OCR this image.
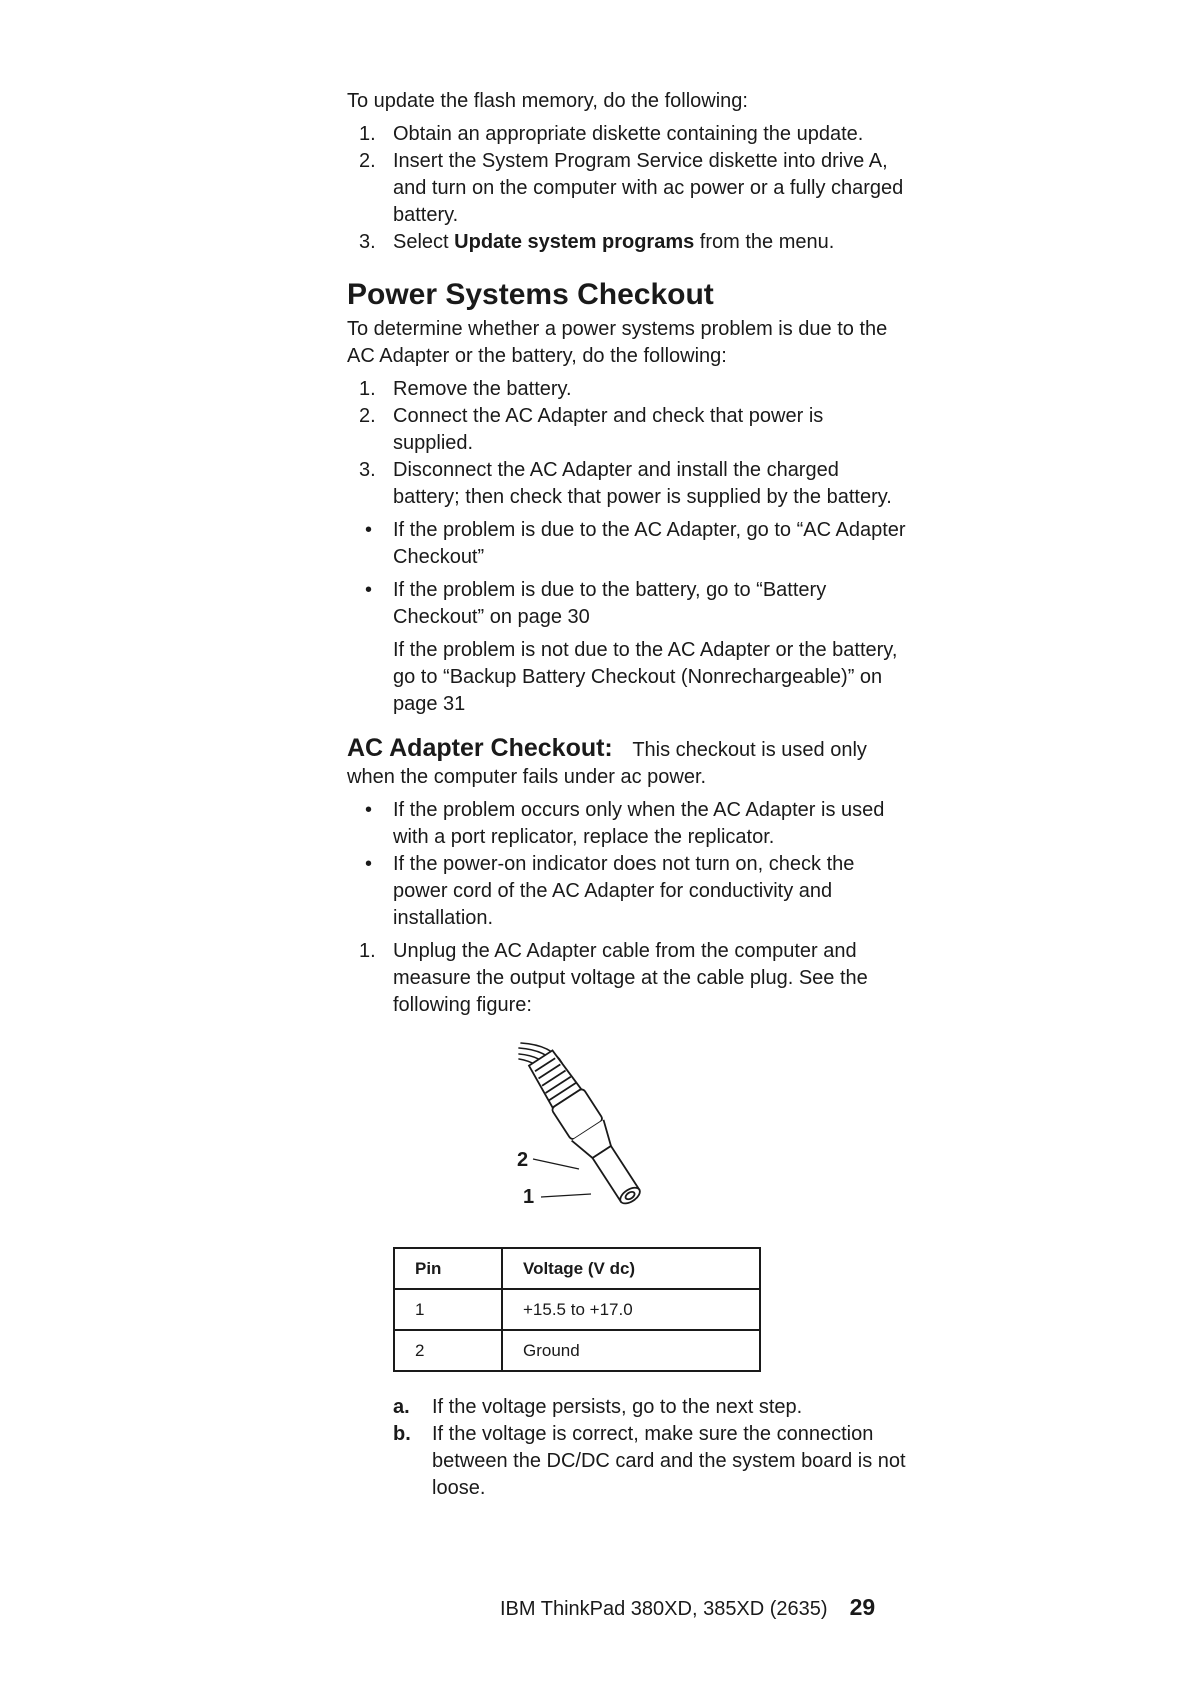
To update the flash memory, do the following:

1. Obtain an appropriate diskette containing the update.
2. Insert the System Program Service diskette into drive A, and turn on the computer with ac power or a fully charged battery.
3. Select Update system programs from the menu.
Power Systems Checkout

To determine whether a power systems problem is due to the AC Adapter or the battery, do the following:

1. Remove the battery.
2. Connect the AC Adapter and check that power is supplied.
3. Disconnect the AC Adapter and install the charged battery; then check that power is supplied by the battery.
• If the problem is due to the AC Adapter, go to “AC Adapter Checkout”
• If the problem is due to the battery, go to “Battery Checkout” on page 30

If the problem is not due to the AC Adapter or the battery, go to “Backup Battery Checkout (Nonrechargeable)” on page 31

AC Adapter Checkout: This checkout is used only

when the computer fails under ac power.

• If the problem occurs only when the AC Adapter is used with a port replicator, replace the replicator.
• If the power-on indicator does not turn on, check the power cord of the AC Adapter for conductivity and installation.
1. Unplug the AC Adapter cable from the computer and measure the output voltage at the cable plug. See the following figure:
2
1
Pin	Voltage (V dc)
1	+15.5 to +17.0
2	Ground
a. If the voltage persists, go to the next step.
b. If the voltage is correct, make sure the connection between the DC/DC card and the system board is not loose.
IBM ThinkPad 380XD, 385XD (2635) 29
